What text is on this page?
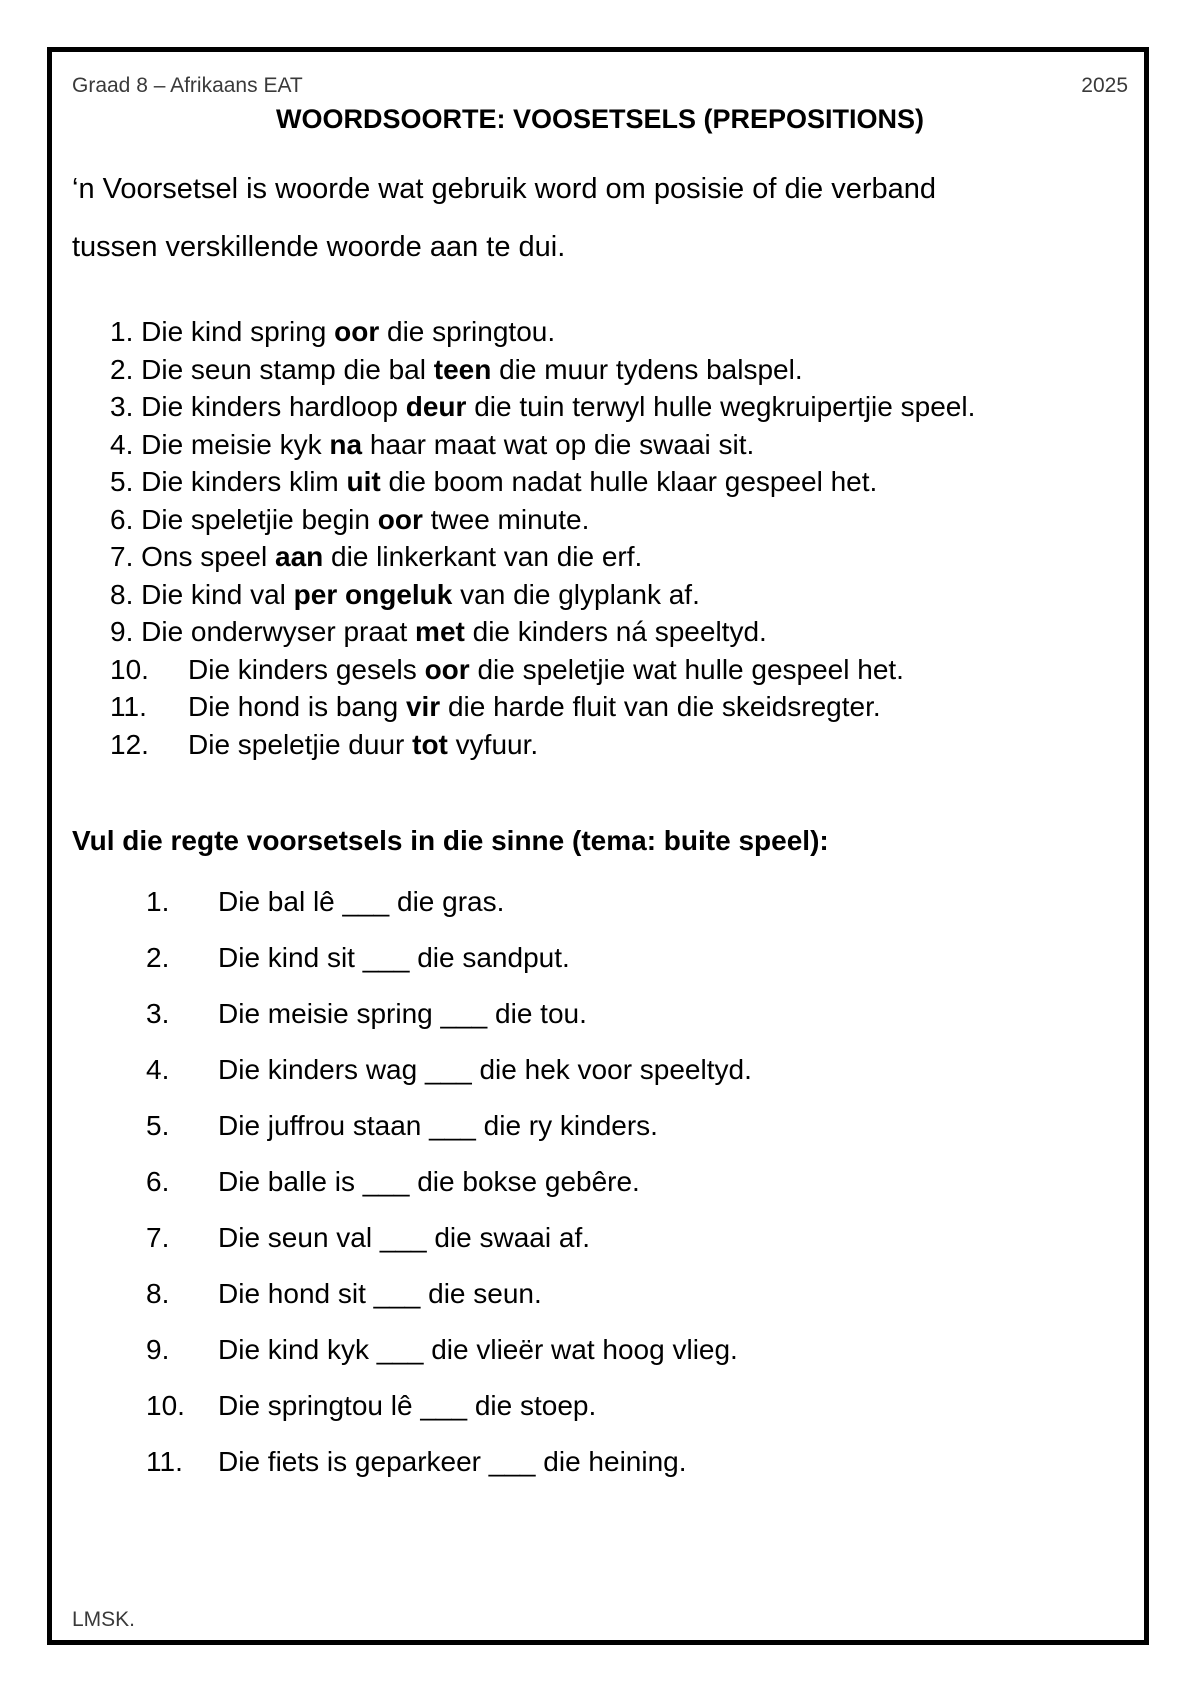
Graad 8 – Afrikaans EAT	2025
WOORDSOORTE: VOOSETSELS (PREPOSITIONS)
‘n Voorsetsel is woorde wat gebruik word om posisie of die verband
tussen verskillende woorde aan te dui.
1. Die kind spring oor die springtou.
2. Die seun stamp die bal teen die muur tydens balspel.
3. Die kinders hardloop deur die tuin terwyl hulle wegkruipertjie speel.
4. Die meisie kyk na haar maat wat op die swaai sit.
5. Die kinders klim uit die boom nadat hulle klaar gespeel het.
6. Die speletjie begin oor twee minute.
7. Ons speel aan die linkerkant van die erf.
8. Die kind val per ongeluk van die glyplank af.
9. Die onderwyser praat met die kinders ná speeltyd.
10. Die kinders gesels oor die speletjie wat hulle gespeel het.
11. Die hond is bang vir die harde fluit van die skeidsregter.
12. Die speletjie duur tot vyfuur.
Vul die regte voorsetsels in die sinne (tema: buite speel):
1. Die bal lê ___ die gras.
2. Die kind sit ___ die sandput.
3. Die meisie spring ___ die tou.
4. Die kinders wag ___ die hek voor speeltyd.
5. Die juffrou staan ___ die ry kinders.
6. Die balle is ___ die bokse gebêre.
7. Die seun val ___ die swaai af.
8. Die hond sit ___ die seun.
9. Die kind kyk ___ die vlieër wat hoog vlieg.
10. Die springtou lê ___ die stoep.
11. Die fiets is geparkeer ___ die heining.
LMSK.
